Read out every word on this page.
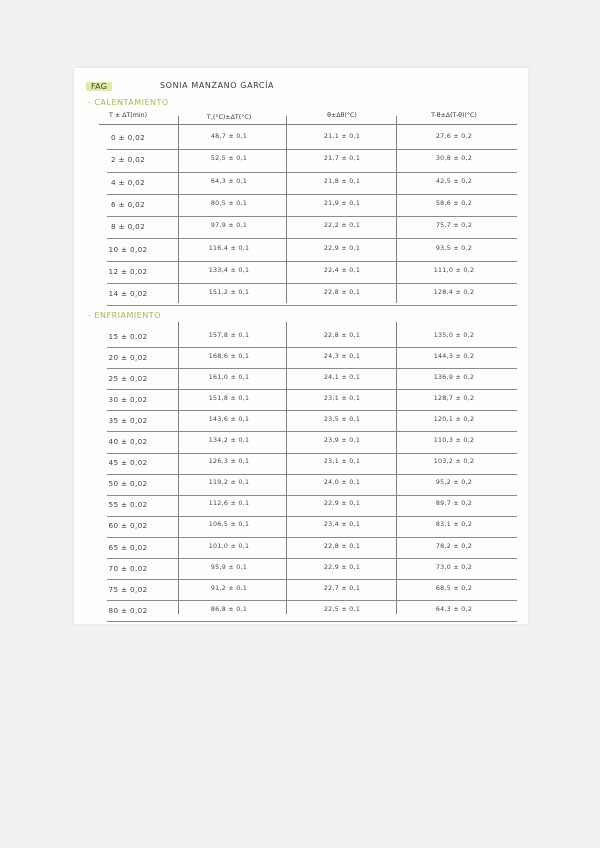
FAG	SONIA MANZANO GARCÍA
T ± ΔT(min)	T꜀(°C)±ΔT(°C)	θ±Δθ(°C)	T-θ±Δ(T-θ)(°C)
- CALENTAMIENTO
- ENFRIAMIENTO
0 ± 0,02	48,7 ± 0,1	21,1 ± 0,1	27,6 ± 0,2
2 ± 0,02	52,5 ± 0,1	21,7 ± 0,1	30,8 ± 0,2
4 ± 0,02	64,3 ± 0,1	21,8 ± 0,1	42,5 ± 0,2
6 ± 0,02	80,5 ± 0,1	21,9 ± 0,1	58,6 ± 0,2
8 ± 0,02	97,9 ± 0,1	22,2 ± 0,1	75,7 ± 0,2
10 ± 0,02	116,4 ± 0,1	22,9 ± 0,1	93,5 ± 0,2
12 ± 0,02	133,4 ± 0,1	22,4 ± 0,1	111,0 ± 0,2
14 ± 0,02	151,2 ± 0,1	22,8 ± 0,1	128,4 ± 0,2
15 ± 0,02	157,8 ± 0,1	22,8 ± 0,1	135,0 ± 0,2
20 ± 0,02	168,6 ± 0,1	24,3 ± 0,1	144,3 ± 0,2
25 ± 0,02	161,0 ± 0,1	24,1 ± 0,1	136,9 ± 0,2
30 ± 0,02	151,8 ± 0,1	23,1 ± 0,1	128,7 ± 0,2
35 ± 0,02	143,6 ± 0,1	23,5 ± 0,1	120,1 ± 0,2
40 ± 0,02	134,2 ± 0,1	23,9 ± 0,1	110,3 ± 0,2
45 ± 0,02	126,3 ± 0,1	23,1 ± 0,1	103,2 ± 0,2
50 ± 0,02	119,2 ± 0,1	24,0 ± 0,1	95,2 ± 0,2
55 ± 0,02	112,6 ± 0,1	22,9 ± 0,1	89,7 ± 0,2
60 ± 0,02	106,5 ± 0,1	23,4 ± 0,1	83,1 ± 0,2
65 ± 0,02	101,0 ± 0,1	22,8 ± 0,1	78,2 ± 0,2
70 ± 0,02	95,9 ± 0,1	22,9 ± 0,1	73,0 ± 0,2
75 ± 0,02	91,2 ± 0,1	22,7 ± 0,1	68,5 ± 0,2
80 ± 0,02	86,8 ± 0,1	22,5 ± 0,1	64,3 ± 0,2
